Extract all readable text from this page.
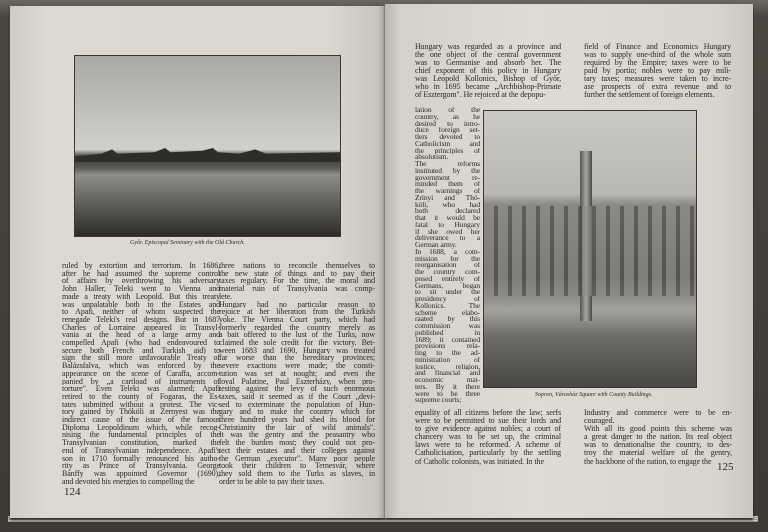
Győr. Episcopal Seminary with the Old Church.
ruled by extortion and terrorism. In 1686,
after he had assumed the supreme control
of affairs by overthrowing his adversary
John Haller, Teleki went to Vienna and
made a treaty with Leopold. But this treaty
was unpalatable both to the Estates and
to Apafi, neither of whom suspected the
renegade Teleki's real designs. But in 1687
Charles of Lorraine appeared in Transyl-
vania at the head of a large army and
compelled Apafi (who had endeavoured to
secure both French and Turkish aid) to
sign the still more unfavourable Treaty of
Balázsfalva, which was enforced by the
appearance on the scene of Caraffa, accom-
panied by „a cartload of instruments of
torture". Even Teleki was alarmed; Apafi
retired to the county of Fogaras, the Es-
tates submitted without a protest. The vic-
tory gained by Thököli at Zernyest was the
indirect cause of the issue of the famous
Diploma Leopoldinum which, while recog-
nising the fundamental principles of the
Transylvanian constitution, marked the
end of Transylvanian independence. Apafi's
son in 1710 formally renounced his autho-
rity as Prince of Transylvania. George
Bánffy was appointed Governor (1690),
and devoted his energies to compelling the
three nations to reconcile themselves to
the new state of things and to pay their
taxes regulary. For the time, the moral and
material ruin of Transylvania was comp-
lete.
Hungary had no particular reason to
rejoice at her liberation from the Turkish
yoke. The Vienna Court party, which had
formerly regarded the country merely as
a bait offered to the lust of the Turks, now
claimed the sole credit for the victory. Bet-
ween 1683 and 1690, Hungary was treated
far worse than the hereditary provinces;
severe exactions were made; the consti-
tution was set at nought; and even the
loyal Palatine, Paul Eszterházy, when pro-
testing against the levy of such enormous
taxes, said it seemed as if the Court „devi-
sed to exterminate the population of Hun-
gary and to make the country which for
three hundred years had shed its blood for
Christianity the lair of wild animals".
It was the gentry and the peasantry who
felt the burden most; they could not pro-
tect their estates and their colleges against
the German „executor". Many poor people
took their children to Temesvár, where
they sold them to the Turks as slaves, in
order to be able to pay their taxes.
124
Hungary was regarded as a province and
the one object of the central government
was to Germanise and absorb her. The
chief exponent of this policy in Hungary
was Leopold Kollonics, Bishop of Győr,
who in 1695 became „Archbishop-Primate
of Esztergom". He rejoiced at the depopu-
field of Finance and Economics Hungary
was to supply one-third of the whole sum
required by the Empire; taxes were to be
paid by portio; nobles were to pay mili-
tary taxes; measures were taken to incre-
ase prospects of extra revenue and to
further the settlement of foreign elements.
lation of the
country, as he
desired to intro-
duce foreign set-
tlers devoted to
Catholicism and
the principles of
absolutism.
The reforms
instituted by the
government re-
minded them of
the warnings of
Zrinyi and Thö-
köli, who had
both declared
that it would be
fatal to Hungary
if she owed her
deliverance to a
German army.
In 1688, a com-
mission for the
reorganisation of
the country com-
posed entirely of
Germans, began
to sit under the
presidency of
Kollonics. The
scheme elabo-
raated by this
commission was
published in
1689; it contained
provisions rela-
ting to the ad-
ministration of
justice, religion,
and financial and
economic mat-
ters. By it there
were to be three
supreme courts;
Sopron, Városház Square with County Buildings.
equality of all citizens before the law; serfs
were to be permitted to sue their lords and
to give evidence against nobles; a court of
chancery was to be set up, the criminal
laws were to be reformed. A scheme of
Catholicisation, particularly by the settling
of Catholic colonists, was initiated. In the
Industry and commerce were to be en-
couraged.
With all its good points this scheme was
a great danger to the nation. Its real object
was to denationalise the country, to des-
troy the material welfare of the gentry,
the backbone of the nation, to engage the 125
